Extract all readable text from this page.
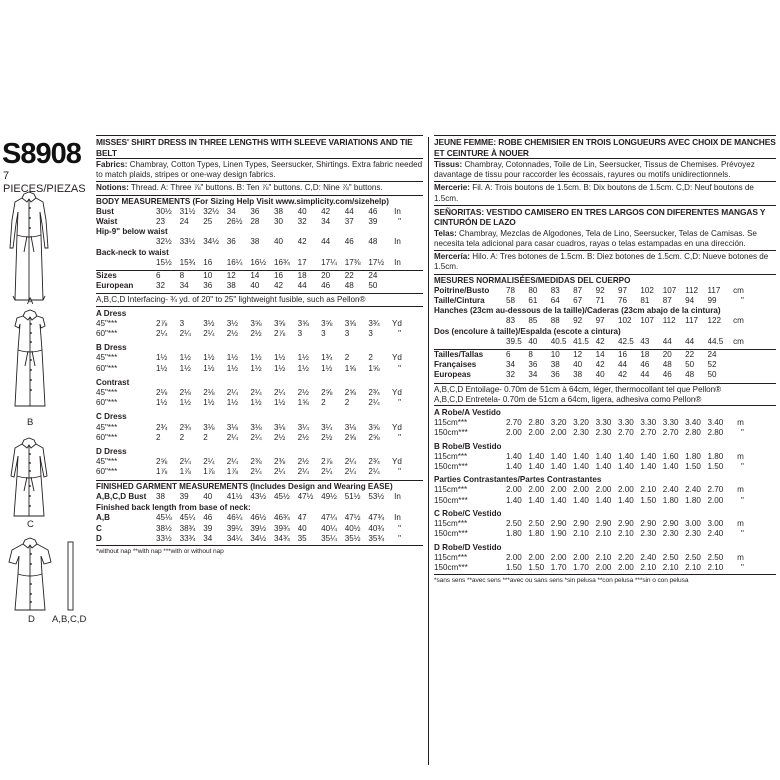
S8908
7 PIECES/PIEZAS
A
B
C
D A,B,C,D
MISSES' SHIRT DRESS IN THREE LENGTHS WITH SLEEVE VARIATIONS AND TIE BELT
Fabrics: Chambray, Cotton Types, Linen Types, Seersucker, Shirtings. Extra fabric needed to match plaids, stripes or one-way design fabrics.
Notions: Thread. A: Three ⅞" buttons. B: Ten ⅞" buttons. C,D: Nine ⅞" buttons.
BODY MEASUREMENTS (For Sizing Help Visit www.simplicity.com/sizehelp)
Bust	30½ 31½ 32½ 34	36	38	40	42	44	46	In
Waist	23	24	25	26½ 28	30	32	34	37	39	"
Hip-9" below waist
32½ 33½ 34½ 36	38	40	42	44	46	48	In
Back-neck to waist
15½ 15¾ 16	16¼ 16½ 16¾ 17	17¼ 17⅜ 17½	In
Sizes	6	8	10	12	14	16	18	20	22	24
European	32	34	36	38	40	42	44	46	48	50
A,B,C,D Interfacing- ¾ yd. of 20" to 25" lightweight fusible, such as Pellon®
A Dress
45"***	2⅞	3	3½	3½	3⅝	3⅝	3⅝	3⅝	3⅝	3¾	Yd
60"***	2¼	2¼	2¼	2½	2½	2⅞	3	3	3	3	"
B Dress
45"***	1½	1½	1½	1½	1½	1½	1½	1¾	2	2	Yd
60"***	1½	1½	1½	1½	1½	1½	1½	1½	1⅝	1⅝	"
Contrast
45"***	2⅛	2⅛	2⅛	2¼	2¼	2¼	2½	2⅝	2⅝	2¾	Yd
60"***	1½	1½	1½	1½	1½	1½	1⅝	2	2	2¼	"
C Dress
45"***	2¾	2¾	3⅛	3⅛	3⅛	3⅛	3¼	3¼	3⅛	3⅝	Yd
60"***	2	2	2	2¼	2¼	2½	2½	2½	2⅝	2⅝	"
D Dress
45"***	2⅝	2¼	2¼	2¼	2⅜	2⅜	2½	2⅞	2¼	2¾	Yd
60"***	1⅞	1⅞	1⅞	1⅞	2¼	2¼	2¼	2¼	2¼	2¼	"
FINISHED GARMENT MEASUREMENTS (Includes Design and Wearing EASE)
A,B,C,D Bust	38	39	40	41½ 43½ 45½ 47½ 49½ 51½ 53½	In
Finished back length from base of neck:
A,B	45⅛ 45¼ 46	46¼ 46½ 46¾ 47	47¼ 47½ 47¾	In
C	38½ 38¾ 39	39¼ 39½ 39¾ 40	40¼ 40½ 40¾	"
D	33½ 33¾ 34	34¼ 34½ 34¾ 35	35¼ 35½ 35¾	"
*without nap **with nap ***with or without nap
JEUNE FEMME: ROBE CHEMISIER EN TROIS LONGUEURS AVEC CHOIX DE MANCHES ET CEINTURE À NOUER
Tissus: Chambray, Cotonnades, Toile de Lin, Seersucker, Tissus de Chemises. Prévoyez davantage de tissu pour raccorder les écossais, rayures ou motifs unidirectionnels.
Mercerie: Fil. A: Trois boutons de 1.5cm. B: Dix boutons de 1.5cm. C,D: Neuf boutons de 1.5cm.
SEÑORITAS: VESTIDO CAMISERO EN TRES LARGOS CON DIFERENTES MANGAS Y CINTURÓN DE LAZO
Telas: Chambray, Mezclas de Algodones, Tela de Lino, Seersucker, Telas de Camisas. Se necesita tela adicional para casar cuadros, rayas o telas estampadas en una dirección.
Mercería: Hilo. A: Tres botones de 1.5cm. B: Diez botones de 1.5cm. C,D: Nueve botones de 1.5cm.
MESURES NORMALISÉES/MEDIDAS DEL CUERPO
Poitrine/Busto	78	80	83	87	92	97	102	107	112	117	cm
Taille/Cintura	58	61	64	67	71	76	81	87	94	99	"
Hanches (23cm au-dessous de la taille)/Caderas (23cm abajo de la cintura)
83	85	88	92	97	102	107	112	117	122	cm
Dos (encolure à taille)/Espalda (escote a cintura)
39.5 40	40.5 41.5 42	42.5 43	44	44	44.5	cm
Tailles/Tallas	6	8	10	12	14	16	18	20	22	24
Françaises	34	36	38	40	42	44	46	48	50	52
Europeas	32	34	36	38	40	42	44	46	48	50
A,B,C,D Entoilage- 0.70m de 51cm à 64cm, léger, thermocollant tel que Pellon®
A,B,C,D Entretela- 0.70m de 51cm a 64cm, ligera, adhesiva como Pellon®
A Robe/A Vestido
115cm***	2.70 2.80 3.20 3.20 3.30 3.30 3.30 3.30 3.40 3.40	m
150cm***	2.00 2.00 2.00 2.30 2.30 2.70 2.70 2.70 2.80 2.80	"
B Robe/B Vestido
115cm***	1.40 1.40 1.40 1.40 1.40 1.40 1.40 1.60 1.80 1.80	m
150cm***	1.40 1.40 1.40 1.40 1.40 1.40 1.40 1.40 1.50 1.50	"
Parties Contrastantes/Partes Contrastantes
115cm***	2.00 2.00 2.00 2.00 2.00 2.00 2.10 2.40 2.40 2.70	m
150cm***	1.40 1.40 1.40 1.40 1.40 1.40 1.50 1.80 1.80 2.00	"
C Robe/C Vestido
115cm***	2.50 2.50 2.90 2.90 2.90 2.90 2.90 2.90 3.00 3.00	m
150cm***	1.80 1.80 1.90 2.10 2.10 2.10 2.30 2.30 2.30 2.40	"
D Robe/D Vestido
115cm***	2.00 2.00 2.00 2.00 2.10 2.20 2.40 2.50 2.50 2.50	m
150cm***	1.50 1.50 1.70 1.70 2.00 2.00 2.10 2.10 2.10 2.10	"
*sans sens **avec sens ***avec ou sans sens *sin pelusa **con pelusa ***sin o con pelusa
